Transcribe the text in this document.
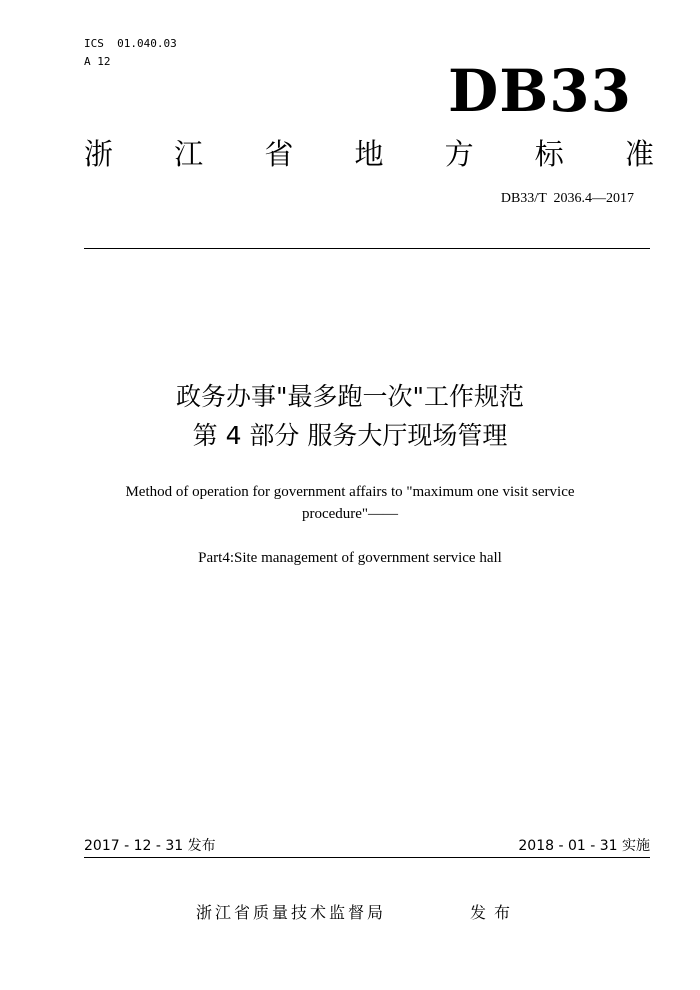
ICS  01.040.03
A 12	DB33
浙 江 省 地 方 标 准
DB33/T  2036.4—2017
政务办事"最多跑一次"工作规范
第 4 部分 服务大厅现场管理
Method of operation for government affairs to "maximum one visit service procedure"——
Part4:Site management of government service hall
2017 - 12 - 31 发布	2018 - 01 - 31 实施
浙江省质量技术监督局	发布
